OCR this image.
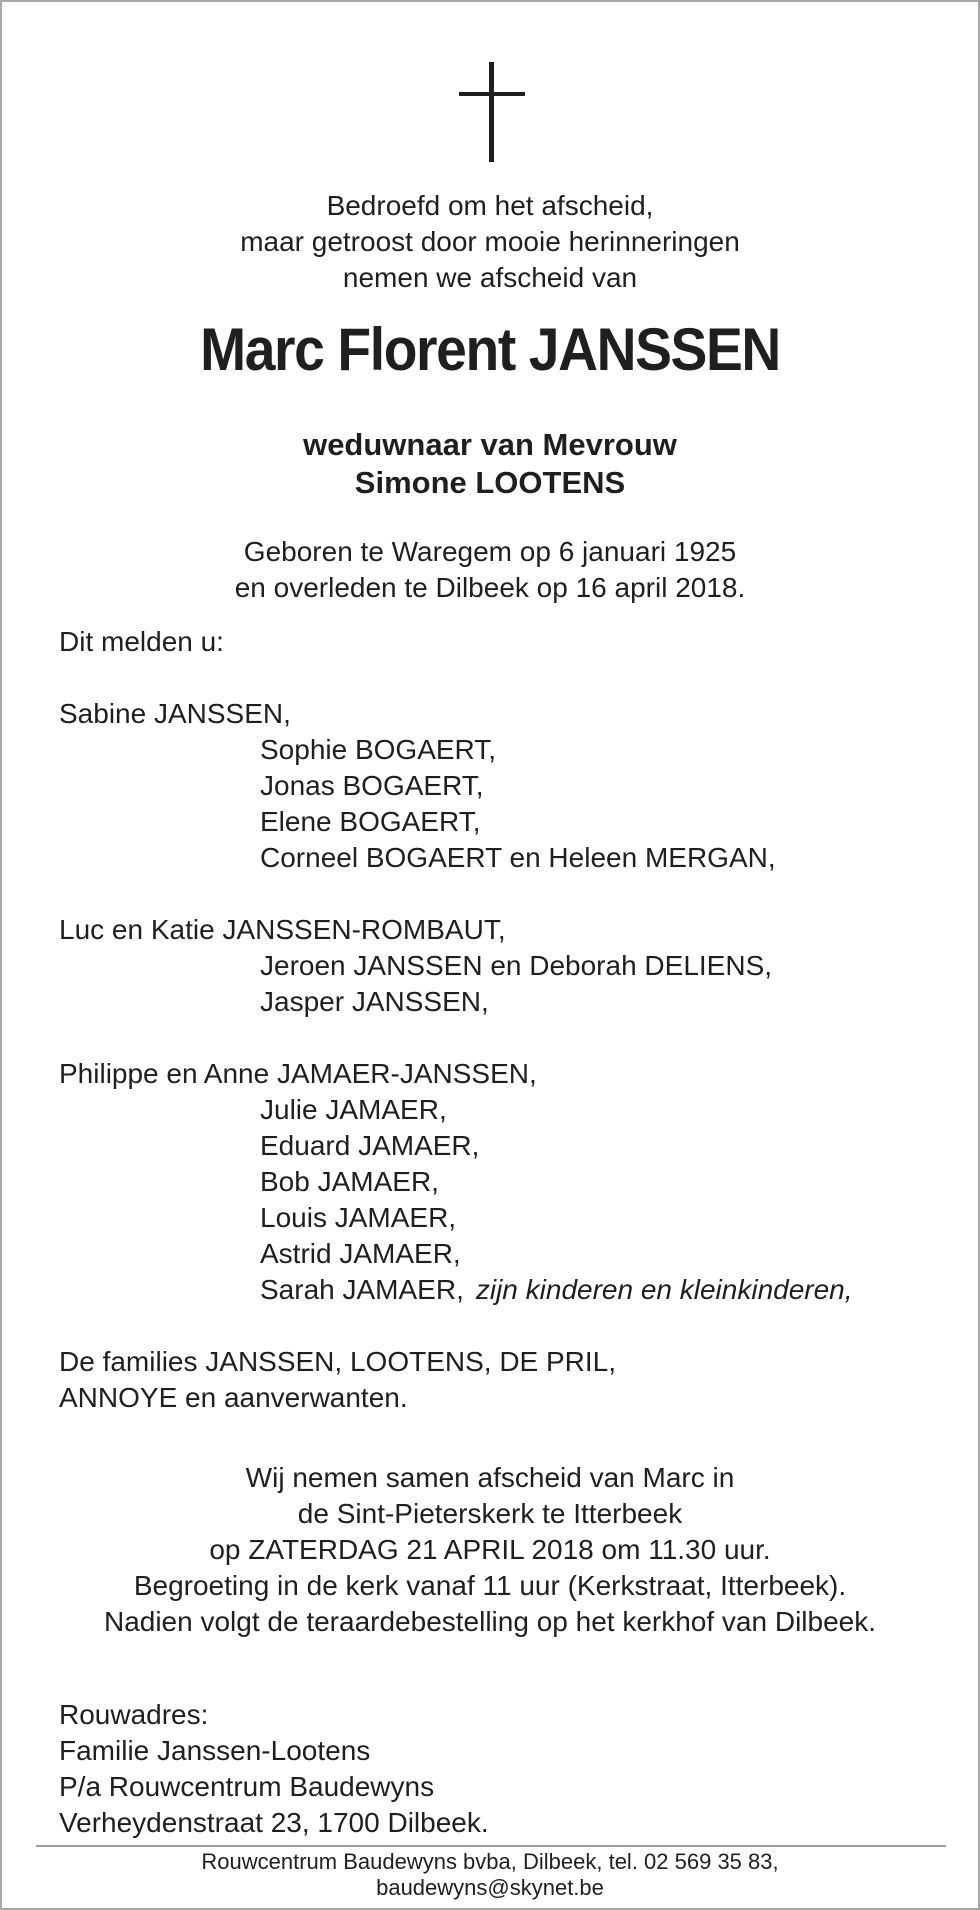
Bedroefd om het afscheid,
maar getroost door mooie herinneringen
nemen we afscheid van
Marc Florent JANSSEN
weduwnaar van Mevrouw
Simone LOOTENS
Geboren te Waregem op 6 januari 1925
en overleden te Dilbeek op 16 april 2018.
Dit melden u:
Sabine JANSSEN,
Sophie BOGAERT,
Jonas BOGAERT,
Elene BOGAERT,
Corneel BOGAERT en Heleen MERGAN,
Luc en Katie JANSSEN-ROMBAUT,
Jeroen JANSSEN en Deborah DELIENS,
Jasper JANSSEN,
Philippe en Anne JAMAER-JANSSEN,
Julie JAMAER,
Eduard JAMAER,
Bob JAMAER,
Louis JAMAER,
Astrid JAMAER,
Sarah JAMAER, zijn kinderen en kleinkinderen,
De families JANSSEN, LOOTENS, DE PRIL,
ANNOYE en aanverwanten.
Wij nemen samen afscheid van Marc in
de Sint-Pieterskerk te Itterbeek
op ZATERDAG 21 APRIL 2018 om 11.30 uur.
Begroeting in de kerk vanaf 11 uur (Kerkstraat, Itterbeek).
Nadien volgt de teraardebestelling op het kerkhof van Dilbeek.
Rouwadres:
Familie Janssen-Lootens
P/a Rouwcentrum Baudewyns
Verheydenstraat 23, 1700 Dilbeek.
Rouwcentrum Baudewyns bvba, Dilbeek, tel. 02 569 35 83,
baudewyns@skynet.be
